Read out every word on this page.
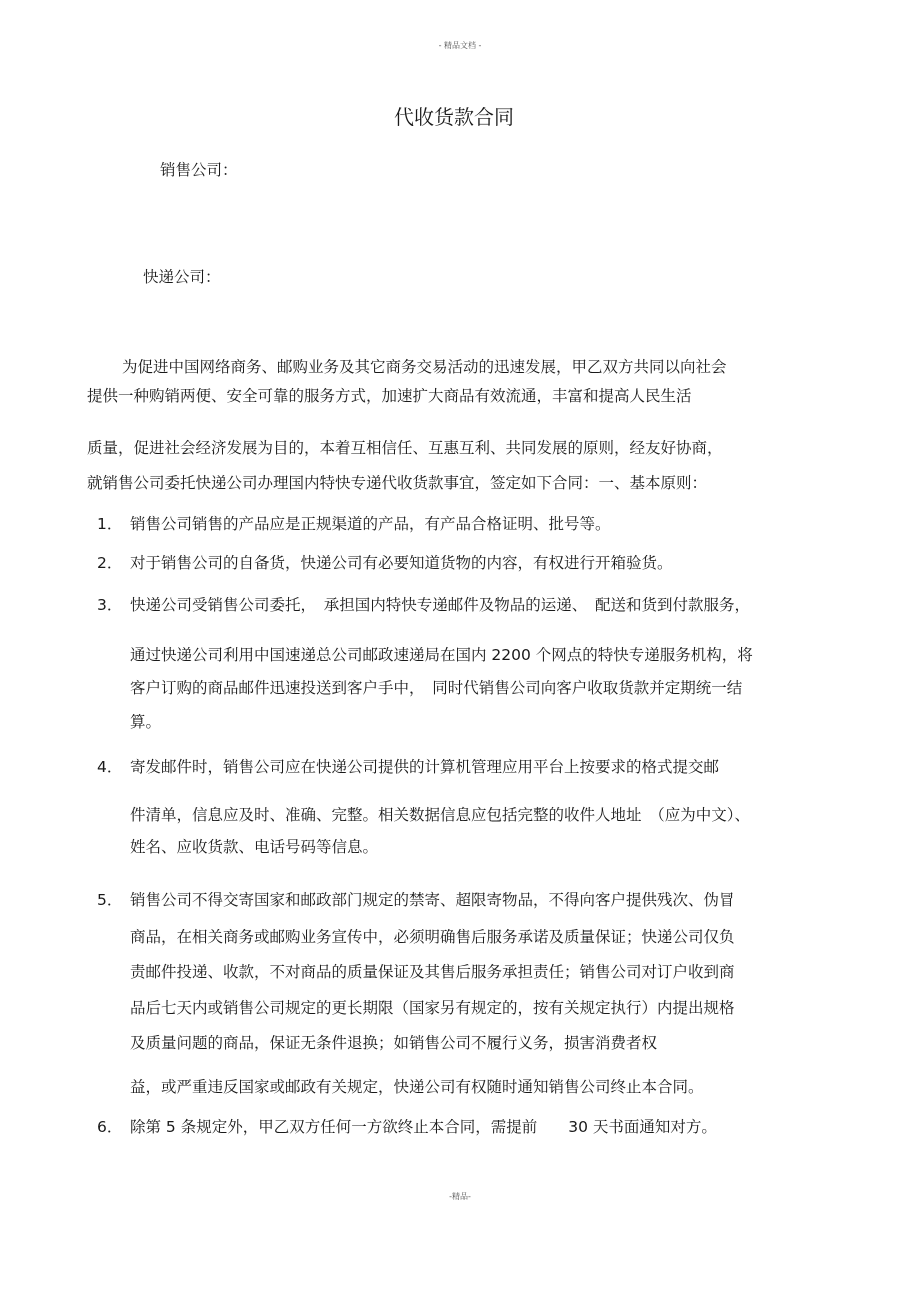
- 精品文档 -
代收货款合同
销售公司：
快递公司：
为促进中国网络商务、邮购业务及其它商务交易活动的迅速发展，甲乙双方共同以向社会
提供一种购销两便、安全可靠的服务方式，加速扩大商品有效流通，丰富和提高人民生活
质量，促进社会经济发展为目的，本着互相信任、互惠互利、共同发展的原则，经友好协商，
就销售公司委托快递公司办理国内特快专递代收货款事宜，签定如下合同：一、基本原则：
1． 销售公司销售的产品应是正规渠道的产品，有产品合格证明、批号等。
2． 对于销售公司的自备货，快递公司有必要知道货物的内容，有权进行开箱验货。
3． 快递公司受销售公司委托，　承担国内特快专递邮件及物品的运递、　配送和货到付款服务，
通过快递公司利用中国速递总公司邮政速递局在国内 2200 个网点的特快专递服务机构，将
客户订购的商品邮件迅速投送到客户手中，　同时代销售公司向客户收取货款并定期统一结
算。
4． 寄发邮件时，销售公司应在快递公司提供的计算机管理应用平台上按要求的格式提交邮
件清单，信息应及时、准确、完整。相关数据信息应包括完整的收件人地址　（应为中文）、
姓名、应收货款、电话号码等信息。
5． 销售公司不得交寄国家和邮政部门规定的禁寄、超限寄物品，不得向客户提供残次、伪冒
商品，在相关商务或邮购业务宣传中，必须明确售后服务承诺及质量保证；快递公司仅负
责邮件投递、收款，不对商品的质量保证及其售后服务承担责任；销售公司对订户收到商
品后七天内或销售公司规定的更长期限（国家另有规定的，按有关规定执行）内提出规格
及质量问题的商品，保证无条件退换；如销售公司不履行义务，损害消费者权
益，或严重违反国家或邮政有关规定，快递公司有权随时通知销售公司终止本合同。
6． 除第 5 条规定外，甲乙双方任何一方欲终止本合同，需提前　　30 天书面通知对方。
-精品-
